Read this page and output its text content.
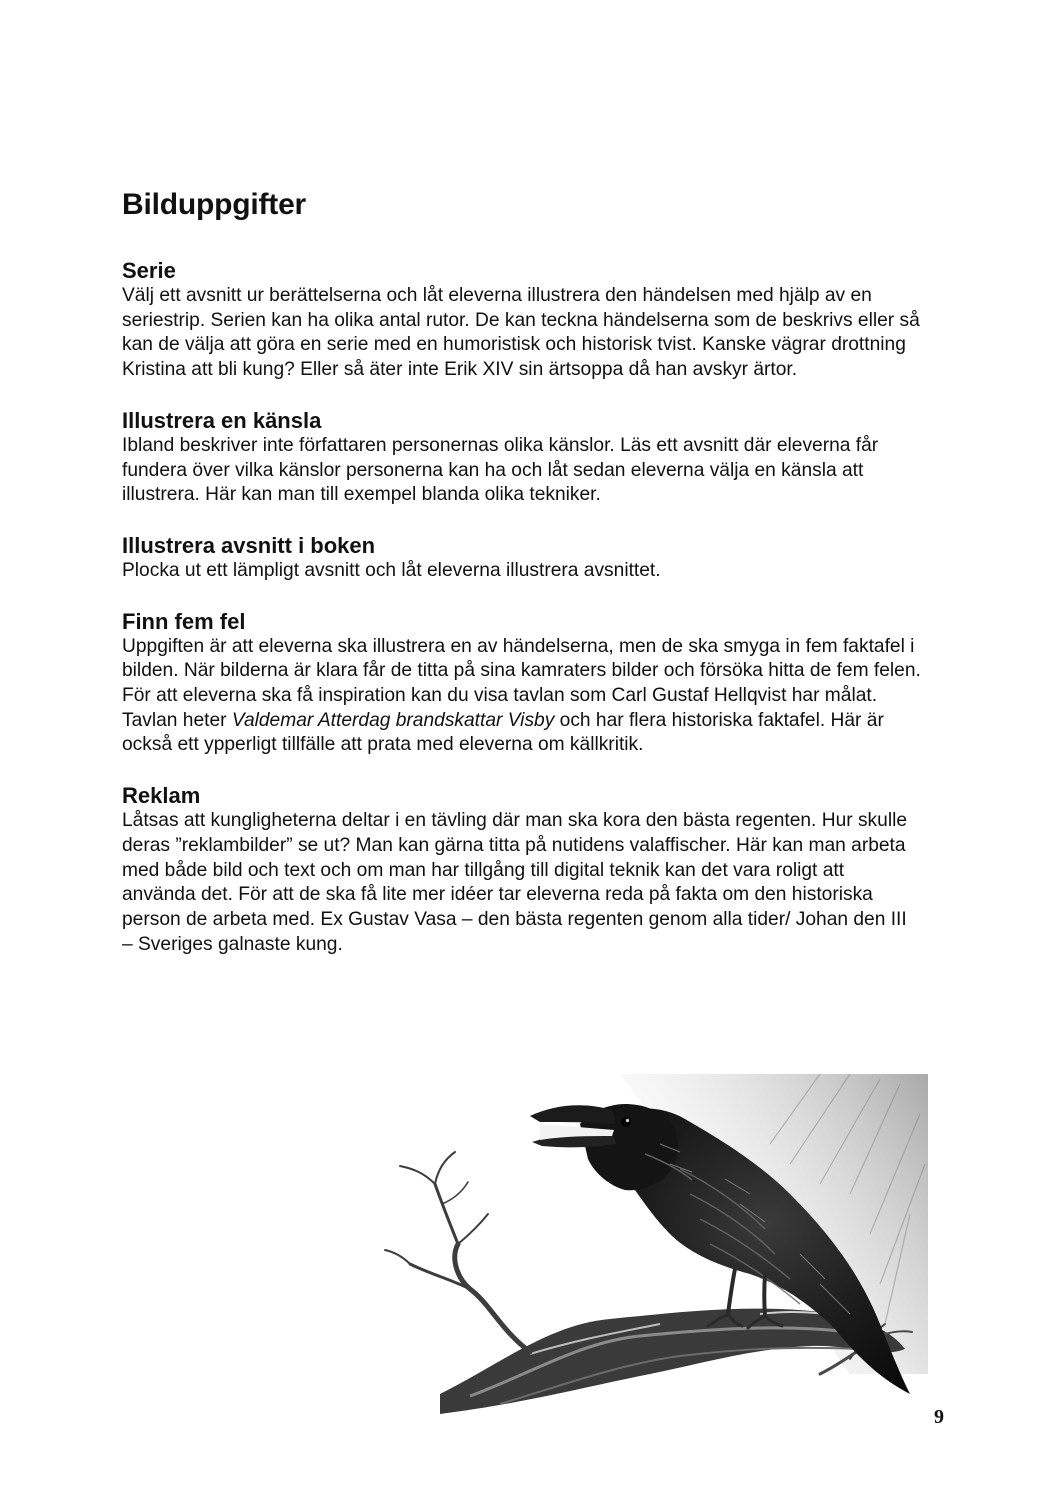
Bilduppgifter
Serie

Välj ett avsnitt ur berättelserna och låt eleverna illustrera den händelsen med hjälp av en seriestrip. Serien kan ha olika antal rutor. De kan teckna händelserna som de beskrivs eller så kan de välja att göra en serie med en humoristisk och historisk tvist. Kanske vägrar drottning Kristina att bli kung? Eller så äter inte Erik XIV sin ärtsoppa då han avskyr ärtor.

Illustrera en känsla

Ibland beskriver inte författaren personernas olika känslor. Läs ett avsnitt där eleverna får fundera över vilka känslor personerna kan ha och låt sedan eleverna välja en känsla att illustrera. Här kan man till exempel blanda olika tekniker.

Illustrera avsnitt i boken

Plocka ut ett lämpligt avsnitt och låt eleverna illustrera avsnittet.

Finn fem fel

Uppgiften är att eleverna ska illustrera en av händelserna, men de ska smyga in fem faktafel i bilden. När bilderna är klara får de titta på sina kamraters bilder och försöka hitta de fem felen. För att eleverna ska få inspiration kan du visa tavlan som Carl Gustaf Hellqvist har målat. Tavlan heter Valdemar Atterdag brandskattar Visby och har flera historiska faktafel. Här är också ett ypperligt tillfälle att prata med eleverna om källkritik.

Reklam

Låtsas att kungligheterna deltar i en tävling där man ska kora den bästa regenten. Hur skulle deras ”reklambilder” se ut? Man kan gärna titta på nutidens valaffischer. Här kan man arbeta med både bild och text och om man har tillgång till digital teknik kan det vara roligt att använda det. För att de ska få lite mer idéer tar eleverna reda på fakta om den historiska person de arbeta med. Ex Gustav Vasa – den bästa regenten genom alla tider/ Johan den III – Sveriges galnaste kung.

9
